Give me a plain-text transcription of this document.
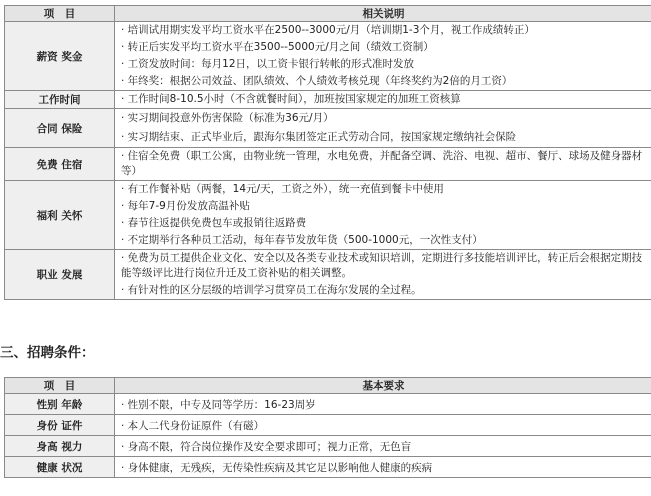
项　目	相关说明
薪资 奖金	· 培训试用期实发平均工资水平在2500--3000元/月（培训期1-3个月，视工作成绩转正）
· 转正后实发平均工资水平在3500--5000元/月之间（绩效工资制）
· 工资发放时间：每月12日，以工资卡银行转帐的形式准时发放
· 年终奖：根据公司效益、团队绩效、个人绩效考核兑现（年终奖约为2倍的月工资）

工作时间	· 工作时间8-10.5小时（不含就餐时间），加班按国家规定的加班工资核算

合同 保险	· 实习期间投意外伤害保险（标准为36元/月）
· 实习期结束、正式毕业后，跟海尔集团签定正式劳动合同，按国家规定缴纳社会保险

免费 住宿	· 住宿全免费（职工公寓，由物业统一管理，水电免费，并配备空调、洗浴、电视、超市、餐厅、球场及健身器材等）

福利 关怀	· 有工作餐补贴（两餐，14元/天，工资之外），统一充值到餐卡中使用
· 每年7-9月份发放高温补贴
· 春节往返提供免费包车或报销往返路费
· 不定期举行各种员工活动，每年春节发放年货（500-1000元，一次性支付）

职业 发展	· 免费为员工提供企业文化、安全以及各类专业技术或知识培训，定期进行多技能培训评比，转正后会根据定期技能等级评比进行岗位升迁及工资补贴的相关调整。
· 有针对性的区分层级的培训学习贯穿员工在海尔发展的全过程。
三、招聘条件：
项　目	基本要求
性别 年龄	· 性别不限，中专及同等学历：16-23周岁
身份 证件	· 本人二代身份证原件（有磁）
身高 视力	· 身高不限，符合岗位操作及安全要求即可；视力正常，无色盲
健康 状况	· 身体健康，无残疾，无传染性疾病及其它足以影响他人健康的疾病
